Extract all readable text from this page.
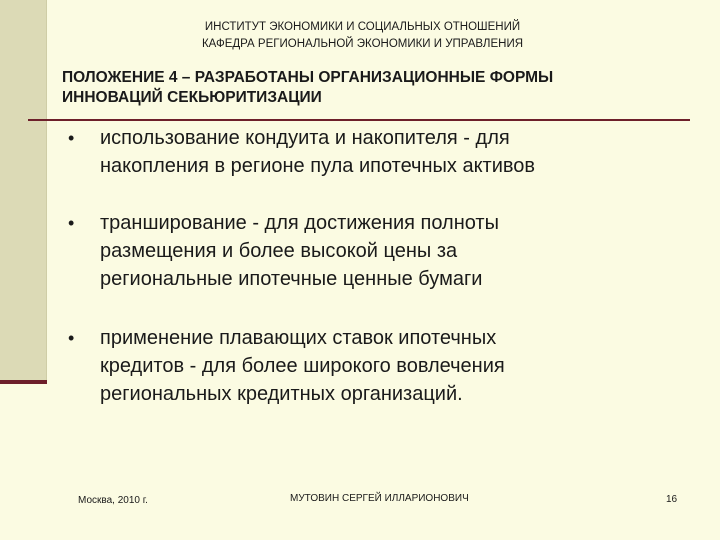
ИНСТИТУТ ЭКОНОМИКИ И СОЦИАЛЬНЫХ ОТНОШЕНИЙ
КАФЕДРА РЕГИОНАЛЬНОЙ ЭКОНОМИКИ И УПРАВЛЕНИЯ
ПОЛОЖЕНИЕ 4 – РАЗРАБОТАНЫ ОРГАНИЗАЦИОННЫЕ ФОРМЫ
ИННОВАЦИЙ СЕКЬЮРИТИЗАЦИИ
• использование кондуита и накопителя - для
накопления в регионе пула ипотечных активов
• транширование - для достижения полноты
размещения и более высокой цены за
региональные ипотечные ценные бумаги
• применение плавающих ставок ипотечных
кредитов - для более широкого вовлечения
региональных кредитных организаций.
Москва, 2010 г.	МУТОВИН СЕРГЕЙ ИЛЛАРИОНОВИЧ	16
